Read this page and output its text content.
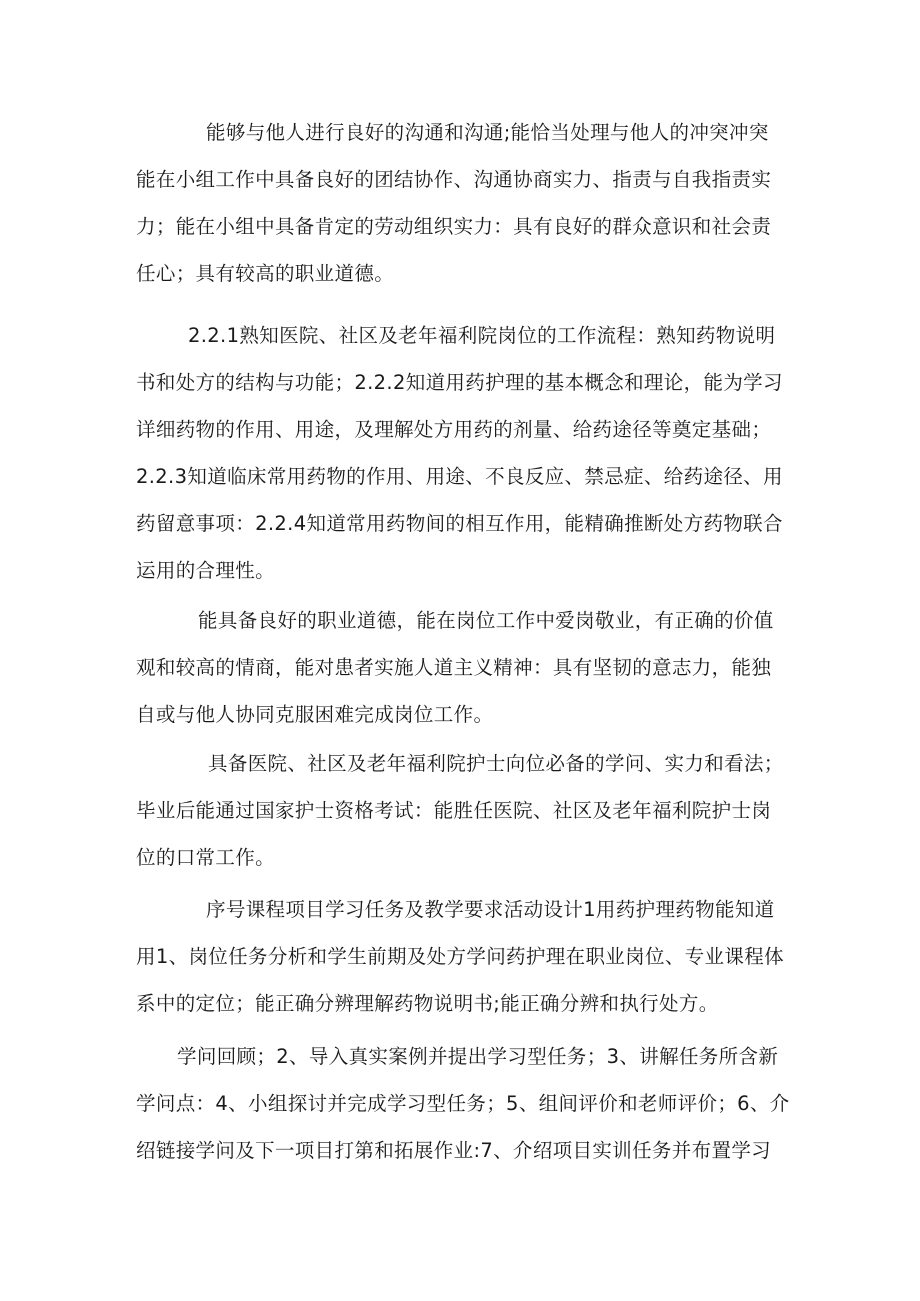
能够与他人进行良好的沟通和沟通;能恰当处理与他人的冲突冲突
能在小组工作中具备良好的团结协作、沟通协商实力、指责与自我指责实
力；能在小组中具备肯定的劳动组织实力：具有良好的群众意识和社会责
任心；具有较高的职业道德。
2.2.1熟知医院、社区及老年福利院岗位的工作流程：熟知药物说明
书和处方的结构与功能；2.2.2知道用药护理的基本概念和理论，能为学习
详细药物的作用、用途，及理解处方用药的剂量、给药途径等奠定基础；
2.2.3知道临床常用药物的作用、用途、不良反应、禁忌症、给药途径、用
药留意事项：2.2.4知道常用药物间的相互作用，能精确推断处方药物联合
运用的合理性。
能具备良好的职业道德，能在岗位工作中爱岗敬业，有正确的价值
观和较高的情商，能对患者实施人道主义精神：具有坚韧的意志力，能独
自或与他人协同克服困难完成岗位工作。
具备医院、社区及老年福利院护士向位必备的学问、实力和看法；
毕业后能通过国家护士资格考试：能胜任医院、社区及老年福利院护士岗
位的口常工作。
序号课程项目学习任务及教学要求活动设计1用药护理药物能知道
用1、岗位任务分析和学生前期及处方学问药护理在职业岗位、专业课程体
系中的定位；能正确分辨理解药物说明书;能正确分辨和执行处方。
学问回顾；2、导入真实案例并提出学习型任务；3、讲解任务所含新
学问点：4、小组探讨并完成学习型任务；5、组间评价和老师评价；6、介
绍链接学问及下一项目打第和拓展作业:7、介绍项目实训任务并布置学习
